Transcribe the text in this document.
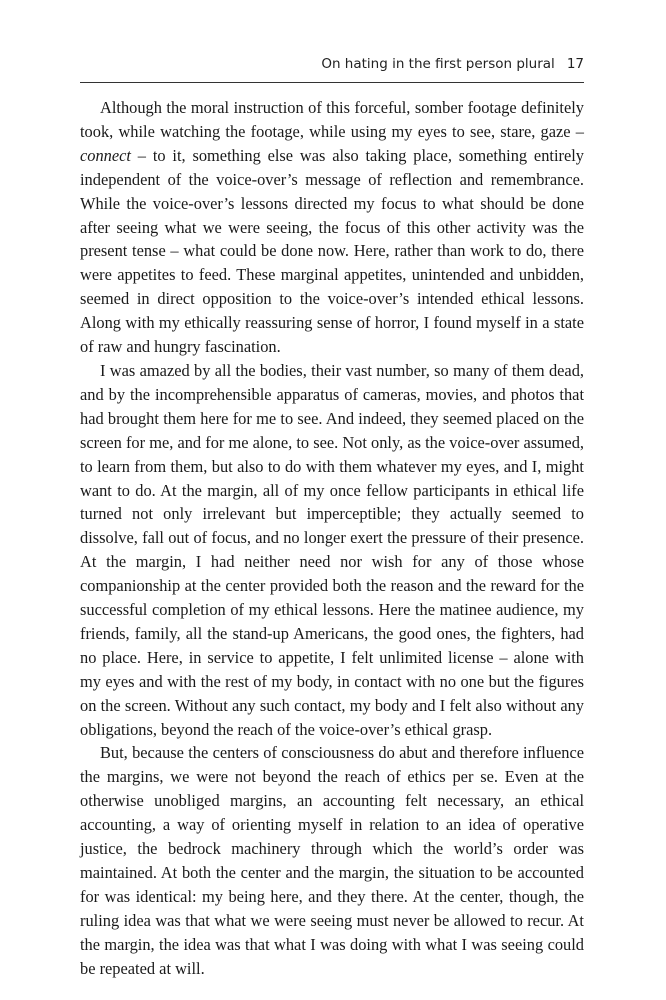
On hating in the first person plural 17

Although the moral instruction of this forceful, somber footage definitely took, while watching the footage, while using my eyes to see, stare, gaze – connect – to it, something else was also taking place, something entirely independent of the voice-over’s message of reflection and remembrance. While the voice-over’s lessons directed my focus to what should be done after seeing what we were seeing, the focus of this other activity was the present tense – what could be done now. Here, rather than work to do, there were appetites to feed. These marginal appetites, unintended and unbidden, seemed in direct opposition to the voice-over’s intended ethical lessons. Along with my ethically reassuring sense of horror, I found myself in a state of raw and hungry fascination.

I was amazed by all the bodies, their vast number, so many of them dead, and by the incomprehensible apparatus of cameras, movies, and photos that had brought them here for me to see. And indeed, they seemed placed on the screen for me, and for me alone, to see. Not only, as the voice-over assumed, to learn from them, but also to do with them whatever my eyes, and I, might want to do. At the margin, all of my once fellow participants in ethical life turned not only irrelevant but imperceptible; they actually seemed to dissolve, fall out of focus, and no longer exert the pressure of their presence. At the margin, I had neither need nor wish for any of those whose companionship at the center provided both the reason and the reward for the successful completion of my ethical lessons. Here the matinee audience, my friends, family, all the stand-up Americans, the good ones, the fighters, had no place. Here, in service to appetite, I felt unlimited license – alone with my eyes and with the rest of my body, in contact with no one but the figures on the screen. Without any such contact, my body and I felt also without any obligations, beyond the reach of the voice-over’s ethical grasp.

But, because the centers of consciousness do abut and therefore influence the margins, we were not beyond the reach of ethics per se. Even at the otherwise unobliged margins, an accounting felt necessary, an ethical accounting, a way of orienting myself in relation to an idea of operative justice, the bedrock machinery through which the world’s order was maintained. At both the center and the margin, the situation to be accounted for was identical: my being here, and they there. At the center, though, the ruling idea was that what we were seeing must never be allowed to recur. At the margin, the idea was that what I was doing with what I was seeing could be repeated at will.
